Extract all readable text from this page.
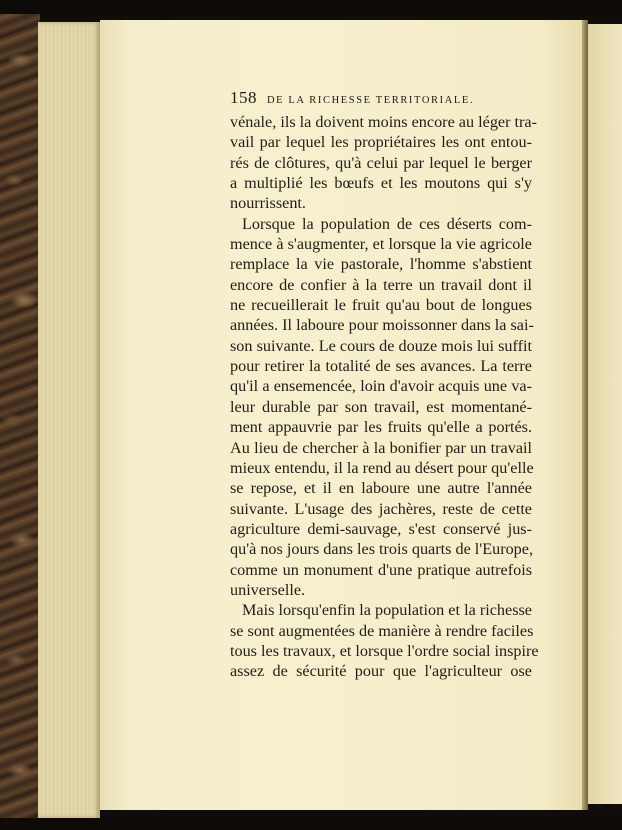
158 DE LA RICHESSE TERRITORIALE.
vénale, ils la doivent moins encore au léger tra-
vail par lequel les propriétaires les ont entou-
rés de clôtures, qu'à celui par lequel le berger
a multiplié les bœufs et les moutons qui s'y
nourrissent.
Lorsque la population de ces déserts com-
mence à s'augmenter, et lorsque la vie agricole
remplace la vie pastorale, l'homme s'abstient
encore de confier à la terre un travail dont il
ne recueillerait le fruit qu'au bout de longues
années. Il laboure pour moissonner dans la sai-
son suivante. Le cours de douze mois lui suffit
pour retirer la totalité de ses avances. La terre
qu'il a ensemencée, loin d'avoir acquis une va-
leur durable par son travail, est momentané-
ment appauvrie par les fruits qu'elle a portés.
Au lieu de chercher à la bonifier par un travail
mieux entendu, il la rend au désert pour qu'elle
se repose, et il en laboure une autre l'année
suivante. L'usage des jachères, reste de cette
agriculture demi-sauvage, s'est conservé jus-
qu'à nos jours dans les trois quarts de l'Europe,
comme un monument d'une pratique autrefois
universelle.
Mais lorsqu'enfin la population et la richesse
se sont augmentées de manière à rendre faciles
tous les travaux, et lorsque l'ordre social inspire
assez de sécurité pour que l'agriculteur ose
